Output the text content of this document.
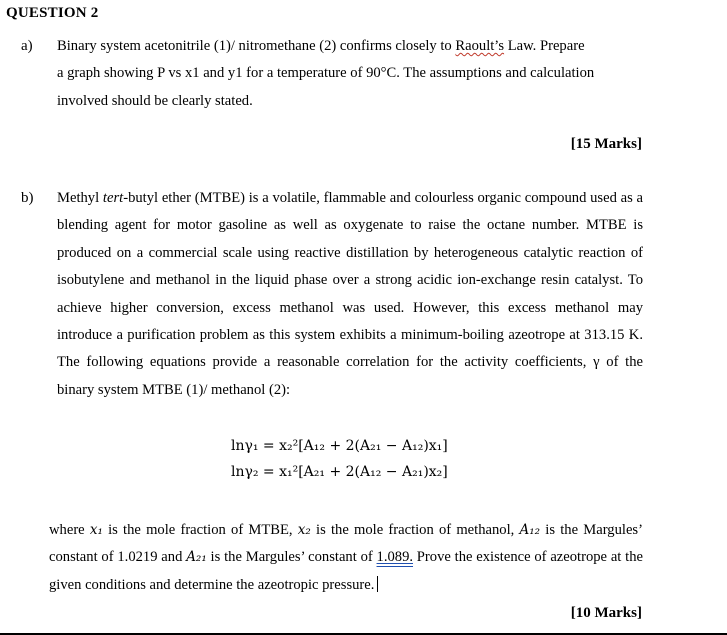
QUESTION 2
a) Binary system acetonitrile (1)/ nitromethane (2) confirms closely to Raoult’s Law. Prepare
a graph showing P vs x1 and y1 for a temperature of 90°C. The assumptions and calculation
involved should be clearly stated.
[15 Marks]
b) Methyl tert-butyl ether (MTBE) is a volatile, flammable and colourless organic compound used as a blending agent for motor gasoline as well as oxygenate to raise the octane number. MTBE is produced on a commercial scale using reactive distillation by heterogeneous catalytic reaction of isobutylene and methanol in the liquid phase over a strong acidic ion-exchange resin catalyst. To achieve higher conversion, excess methanol was used. However, this excess methanol may introduce a purification problem as this system exhibits a minimum-boiling azeotrope at 313.15 K. The following equations provide a reasonable correlation for the activity coefficients, γ of the binary system MTBE (1)/ methanol (2):
lnγ₁ = x₂²[A₁₂ + 2(A₂₁ − A₁₂)x₁]
lnγ₂ = x₁²[A₂₁ + 2(A₁₂ − A₂₁)x₂]
where x₁ is the mole fraction of MTBE, x₂ is the mole fraction of methanol, A₁₂ is the Margules’ constant of 1.0219 and A₂₁ is the Margules’ constant of 1.089. Prove the existence of azeotrope at the given conditions and determine the azeotropic pressure.
[10 Marks]
